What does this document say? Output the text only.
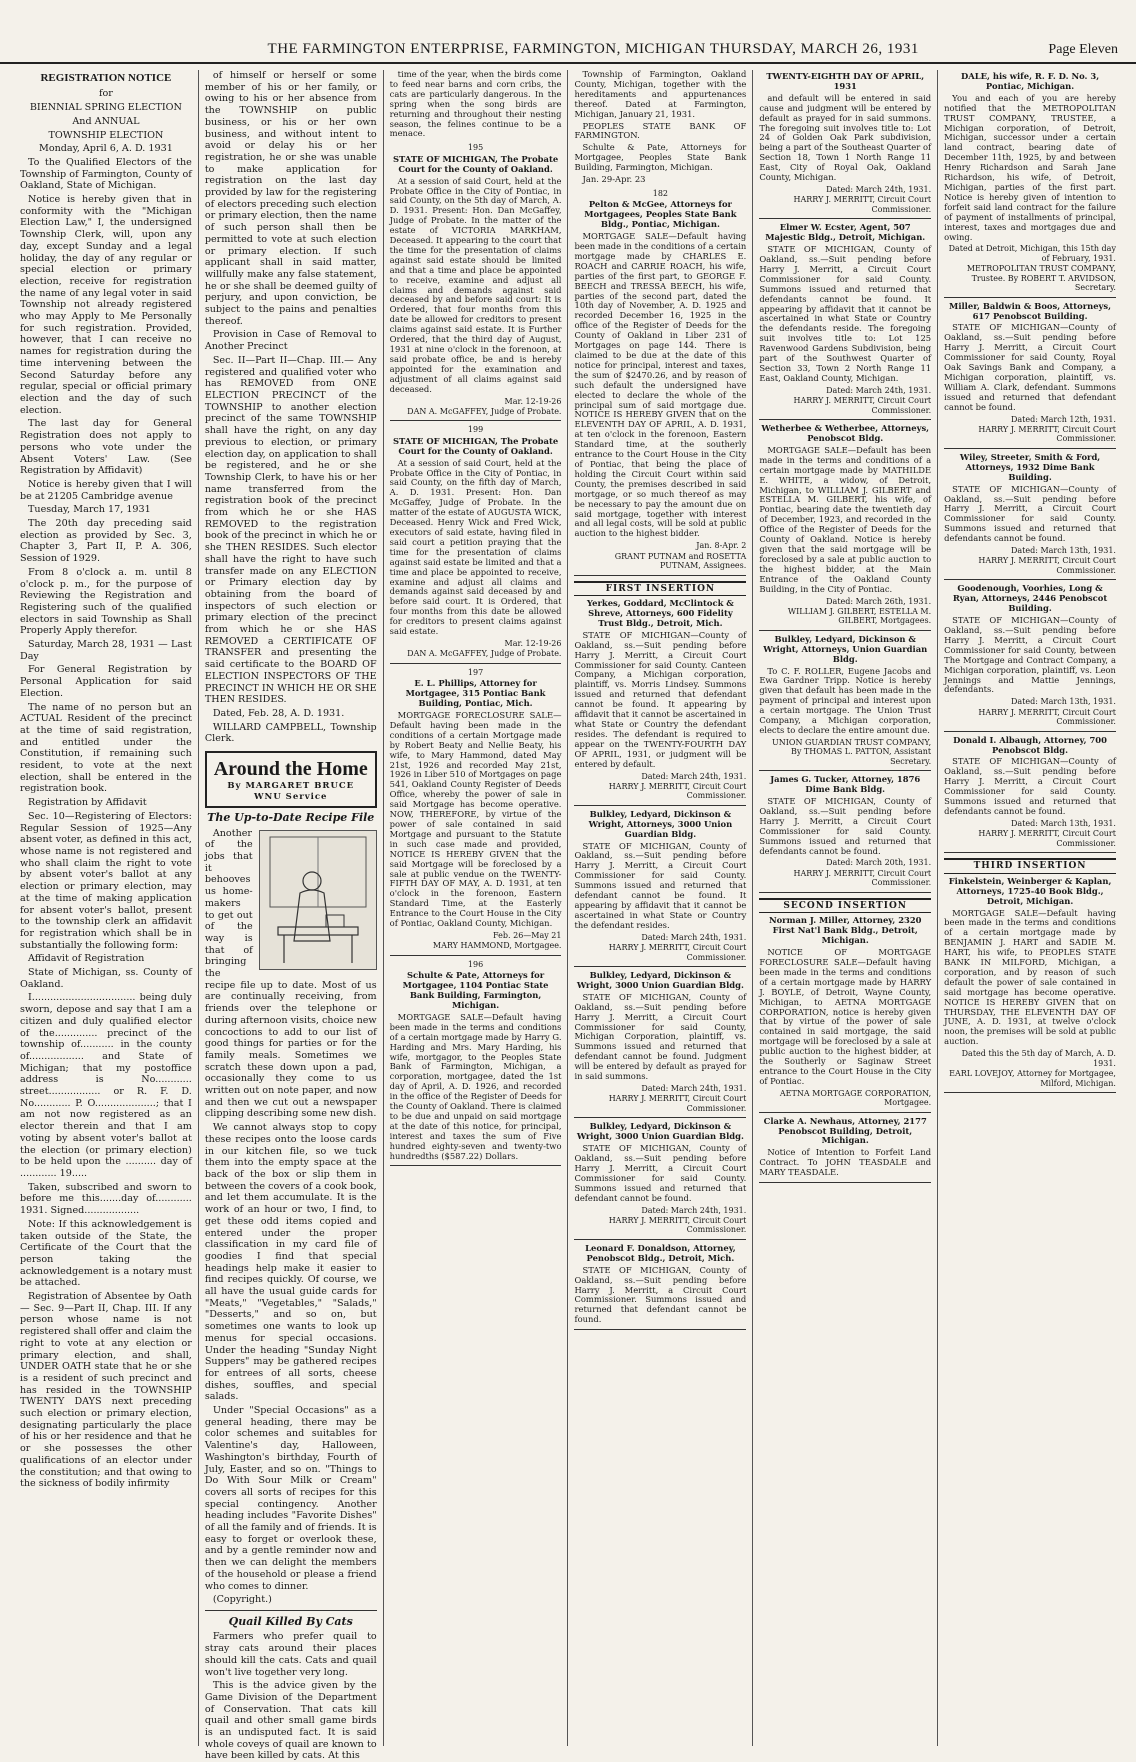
THE FARMINGTON ENTERPRISE, FARMINGTON, MICHIGAN THURSDAY, MARCH 26, 1931	Page Eleven
REGISTRATION NOTICE
for
BIENNIAL SPRING ELECTION
And ANNUAL
TOWNSHIP ELECTION
Monday, April 6, A. D. 1931

To the Qualified Electors of the Township of Farmington, County of Oakland, State of Michigan.

Notice is hereby given that in conformity with the "Michigan Election Law," I, the undersigned Township Clerk, will, upon any day, except Sunday and a legal holiday, the day of any regular or special election or primary election, receive for registration the name of any legal voter in said Township not already registered who may Apply to Me Personally for such registration. Provided, however, that I can receive no names for registration during the time intervening between the Second Saturday before any regular, special or official primary election and the day of such election.

The last day for General Registration does not apply to persons who vote under the Absent Voters' Law. (See Registration by Affidavit)

Notice is hereby given that I will be at 21205 Cambridge avenue

Tuesday, March 17, 1931

The 20th day preceding said election as provided by Sec. 3, Chapter 3, Part II, P. A. 306, Session of 1929.

From 8 o'clock a. m. until 8 o'clock p. m., for the purpose of Reviewing the Registration and Registering such of the qualified electors in said Township as Shall Properly Apply therefor.

Saturday, March 28, 1931 — Last Day

For General Registration by Personal Application for said Election.

The name of no person but an ACTUAL Resident of the precinct at the time of said registration, and entitled under the Constitution, if remaining such resident, to vote at the next election, shall be entered in the registration book.

Registration by Affidavit

Sec. 10—Registering of Electors: Regular Session of 1925—Any absent voter, as defined in this act, whose name is not registered and who shall claim the right to vote by absent voter's ballot at any election or primary election, may at the time of making application for absent voter's ballot, present to the township clerk an affidavit for registration which shall be in substantially the following form:

Affidavit of Registration

State of Michigan, ss. County of Oakland.

I.................................. being duly sworn, depose and say that I am a citizen and duly qualified elector of the.............. precinct of the township of........... in the county of.................. and State of Michigan; that my postoffice address is No............ street................. or R. F. D. No............ P. O....................; that I am not now registered as an elector therein and that I am voting by absent voter's ballot at the election (or primary election) to be held upon the .......... day of ............ 19.....

Taken, subscribed and sworn to before me this.......day of............ 1931. Signed..................

Note: If this acknowledgement is taken outside of the State, the Certificate of the Court that the person taking the acknowledgement is a notary must be attached.

Registration of Absentee by Oath — Sec. 9—Part II, Chap. III. If any person whose name is not registered shall offer and claim the right to vote at any election or primary election, and shall, UNDER OATH state that he or she is a resident of such precinct and has resided in the TOWNSHIP TWENTY DAYS next preceding such election or primary election, designating particularly the place of his or her residence and that he or she possesses the other qualifications of an elector under the constitution; and that owing to the sickness of bodily infirmity

of himself or herself or some member of his or her family, or owing to his or her absence from the TOWNSHIP on public business, or his or her own business, and without intent to avoid or delay his or her registration, he or she was unable to make application for registration on the last day provided by law for the registering of electors preceding such election or primary election, then the name of such person shall then be permitted to vote at such election or primary election. If such applicant shall in said matter, willfully make any false statement, he or she shall be deemed guilty of perjury, and upon conviction, be subject to the pains and penalties thereof.

Provision in Case of Removal to Another Precinct

Sec. II—Part II—Chap. III.— Any registered and qualified voter who has REMOVED from ONE ELECTION PRECINCT of the TOWNSHIP to another election precinct of the same TOWNSHIP shall have the right, on any day previous to election, or primary election day, on application to shall be registered, and he or she Township Clerk, to have his or her name transferred from the registration book of the precinct from which he or she HAS REMOVED to the registration book of the precinct in which he or she THEN RESIDES. Such elector shall have the right to have such transfer made on any ELECTION or Primary election day by obtaining from the board of inspectors of such election or primary election of the precinct from which he or she HAS REMOVED a CERTIFICATE OF TRANSFER and presenting the said certificate to the BOARD OF ELECTION INSPECTORS OF THE PRECINCT IN WHICH HE OR SHE THEN RESIDES.

Dated, Feb. 28, A. D. 1931.

WILLARD CAMPBELL, Township Clerk.

Around the Home
By MARGARET BRUCE
WNU Service
The Up-to-Date Recipe File

Another of the jobs that it behooves us home-makers to get out of the way is that of bringing the recipe file up to date. Most of us are continually receiving, from friends over the telephone or during afternoon visits, choice new concoctions to add to our list of good things for parties or for the family meals. Sometimes we scratch these down upon a pad, occasionally they come to us written out on note paper, and now and then we cut out a newspaper clipping describing some new dish.

We cannot always stop to copy these recipes onto the loose cards in our kitchen file, so we tuck them into the empty space at the back of the box or slip them in between the covers of a cook book, and let them accumulate. It is the work of an hour or two, I find, to get these odd items copied and entered under the proper classification in my card file of goodies I find that special headings help make it easier to find recipes quickly. Of course, we all have the usual guide cards for "Meats," "Vegetables," "Salads," "Desserts," and so on, but sometimes one wants to look up menus for special occasions. Under the heading "Sunday Night Suppers" may be gathered recipes for entrees of all sorts, cheese dishes, souffles, and special salads.

Under "Special Occasions" as a general heading, there may be color schemes and suitables for Valentine's day, Halloween, Washington's birthday, Fourth of July, Easter, and so on. "Things to Do With Sour Milk or Cream" covers all sorts of recipes for this special contingency. Another heading includes "Favorite Dishes" of all the family and of friends. It is easy to forget or overlook these, and by a gentle reminder now and then we can delight the members of the household or please a friend who comes to dinner.

(Copyright.)

Quail Killed By Cats

Farmers who prefer quail to stray cats around their places should kill the cats. Cats and quail won't live together very long.

This is the advice given by the Game Division of the Department of Conservation. That cats kill quail and other small game birds is an undisputed fact. It is said whole coveys of quail are known to have been killed by cats. At this

time of the year, when the birds come to feed near barns and corn cribs, the cats are particularly dangerous. In the spring when the song birds are returning and throughout their nesting season, the felines continue to be a menace.

195
STATE OF MICHIGAN, The Probate Court for the County of Oakland.

At a session of said Court, held at the Probate Office in the City of Pontiac, in said County, on the 5th day of March, A. D. 1931. Present: Hon. Dan McGaffey, Judge of Probate. In the matter of the estate of VICTORIA MARKHAM, Deceased. It appearing to the court that the time for the presentation of claims against said estate should be limited and that a time and place be appointed to receive, examine and adjust all claims and demands against said deceased by and before said court: It is Ordered, that four months from this date be allowed for creditors to present claims against said estate. It is Further Ordered, that the third day of August, 1931 at nine o'clock in the forenoon, at said probate office, be and is hereby appointed for the examination and adjustment of all claims against said deceased.

Mar. 12-19-26
DAN A. McGAFFEY, Judge of Probate.
199
STATE OF MICHIGAN, The Probate Court for the County of Oakland.

At a session of said Court, held at the Probate Office in the City of Pontiac, in said County, on the fifth day of March, A. D. 1931. Present: Hon. Dan McGaffey, Judge of Probate. In the matter of the estate of AUGUSTA WICK, Deceased. Henry Wick and Fred Wick, executors of said estate, having filed in said court a petition praying that the time for the presentation of claims against said estate be limited and that a time and place be appointed to receive, examine and adjust all claims and demands against said deceased by and before said court. It is Ordered, that four months from this date be allowed for creditors to present claims against said estate.

Mar. 12-19-26
DAN A. McGAFFEY, Judge of Probate.
197
E. L. Phillips, Attorney for Mortgagee, 315 Pontiac Bank Building, Pontiac, Mich.

MORTGAGE FORECLOSURE SALE—Default having been made in the conditions of a certain Mortgage made by Robert Beaty and Nellie Beaty, his wife, to Mary Hammond, dated May 21st, 1926 and recorded May 21st, 1926 in Liber 510 of Mortgages on page 541, Oakland County Register of Deeds Office, whereby the power of sale in said Mortgage has become operative. NOW, THEREFORE, by virtue of the power of sale contained in said Mortgage and pursuant to the Statute in such case made and provided, NOTICE IS HEREBY GIVEN that the said Mortgage will be foreclosed by a sale at public vendue on the TWENTY-FIFTH DAY OF MAY, A. D. 1931, at ten o'clock in the forenoon, Eastern Standard Time, at the Easterly Entrance to the Court House in the City of Pontiac, Oakland County, Michigan.

Feb. 26—May 21
MARY HAMMOND, Mortgagee.
196
Schulte & Pate, Attorneys for Mortgagee, 1104 Pontiac State Bank Building, Farmington, Michigan.

MORTGAGE SALE—Default having been made in the terms and conditions of a certain mortgage made by Harry G. Harding and Mrs. Mary Harding, his wife, mortgagor, to the Peoples State Bank of Farmington, Michigan, a corporation, mortgagee, dated the 1st day of April, A. D. 1926, and recorded in the office of the Register of Deeds for the County of Oakland. There is claimed to be due and unpaid on said mortgage at the date of this notice, for principal, interest and taxes the sum of Five hundred eighty-seven and twenty-two hundredths ($587.22) Dollars.

Township of Farmington, Oakland County, Michigan, together with the hereditaments and appurtenances thereof. Dated at Farmington, Michigan, January 21, 1931.

PEOPLES STATE BANK OF FARMINGTON.

Schulte & Pate, Attorneys for Mortgagee, Peoples State Bank Building, Farmington, Michigan.

Jan. 29-Apr. 23

182
Pelton & McGee, Attorneys for Mortgagees, Peoples State Bank Bldg., Pontiac, Michigan.

MORTGAGE SALE—Default having been made in the conditions of a certain mortgage made by CHARLES E. ROACH and CARRIE ROACH, his wife, parties of the first part, to GEORGE F. BEECH and TRESSA BEECH, his wife, parties of the second part, dated the 10th day of November, A. D. 1925 and recorded December 16, 1925 in the office of the Register of Deeds for the County of Oakland in Liber 231 of Mortgages on page 144. There is claimed to be due at the date of this notice for principal, interest and taxes, the sum of $2470.26, and by reason of such default the undersigned have elected to declare the whole of the principal sum of said mortgage due. NOTICE IS HEREBY GIVEN that on the ELEVENTH DAY OF APRIL, A. D. 1931, at ten o'clock in the forenoon, Eastern Standard time, at the southerly entrance to the Court House in the City of Pontiac, that being the place of holding the Circuit Court within said County, the premises described in said mortgage, or so much thereof as may be necessary to pay the amount due on said mortgage, together with interest and all legal costs, will be sold at public auction to the highest bidder.

Jan. 8-Apr. 2
GRANT PUTNAM and ROSETTA PUTNAM, Assignees.
FIRST INSERTION
Yerkes, Goddard, McClintock & Shreve, Attorneys, 600 Fidelity Trust Bldg., Detroit, Mich.

STATE OF MICHIGAN—County of Oakland, ss.—Suit pending before Harry J. Merritt, a Circuit Court Commissioner for said County. Canteen Company, a Michigan corporation, plaintiff, vs. Morris Lindsey. Summons issued and returned that defendant cannot be found. It appearing by affidavit that it cannot be ascertained in what State or Country the defendant resides. The defendant is required to appear on the TWENTY-FOURTH DAY OF APRIL, 1931, or judgment will be entered by default.

Dated: March 24th, 1931.
HARRY J. MERRITT, Circuit Court Commissioner.
Bulkley, Ledyard, Dickinson & Wright, Attorneys, 3000 Union Guardian Bldg.

STATE OF MICHIGAN, County of Oakland, ss.—Suit pending before Harry J. Merritt, a Circuit Court Commissioner for said County. Summons issued and returned that defendant cannot be found. It appearing by affidavit that it cannot be ascertained in what State or Country the defendant resides.

Dated: March 24th, 1931.
HARRY J. MERRITT, Circuit Court Commissioner.
Bulkley, Ledyard, Dickinson & Wright, 3000 Union Guardian Bldg.

STATE OF MICHIGAN, County of Oakland, ss.—Suit pending before Harry J. Merritt, a Circuit Court Commissioner for said County, Michigan Corporation, plaintiff, vs. Summons issued and returned that defendant cannot be found. Judgment will be entered by default as prayed for in said summons.

Dated: March 24th, 1931.
HARRY J. MERRITT, Circuit Court Commissioner.
Bulkley, Ledyard, Dickinson & Wright, 3000 Union Guardian Bldg.

STATE OF MICHIGAN, County of Oakland, ss.—Suit pending before Harry J. Merritt, a Circuit Court Commissioner for said County. Summons issued and returned that defendant cannot be found.

Dated: March 24th, 1931.
HARRY J. MERRITT, Circuit Court Commissioner.
Leonard F. Donaldson, Attorney, Penobscot Bldg., Detroit, Mich.

STATE OF MICHIGAN, County of Oakland, ss.—Suit pending before Harry J. Merritt, a Circuit Court Commissioner. Summons issued and returned that defendant cannot be found.

TWENTY-EIGHTH DAY OF APRIL, 1931

and default will be entered in said cause and judgment will be entered by default as prayed for in said summons. The foregoing suit involves title to: Lot 24 of Golden Oak Park subdivision, being a part of the Southeast Quarter of Section 18, Town 1 North Range 11 East, City of Royal Oak, Oakland County, Michigan.

Dated: March 24th, 1931.
HARRY J. MERRITT, Circuit Court Commissioner.
Elmer W. Ecster, Agent, 507 Majestic Bldg., Detroit, Michigan.

STATE OF MICHIGAN, County of Oakland, ss.—Suit pending before Harry J. Merritt, a Circuit Court Commissioner for said County. Summons issued and returned that defendants cannot be found. It appearing by affidavit that it cannot be ascertained in what State or Country the defendants reside. The foregoing suit involves title to: Lot 125 Ravenwood Gardens Subdivision, being part of the Southwest Quarter of Section 33, Town 2 North Range 11 East, Oakland County, Michigan.

Dated: March 24th, 1931.
HARRY J. MERRITT, Circuit Court Commissioner.
Wetherbee & Wetherbee, Attorneys, Penobscot Bldg.

MORTGAGE SALE—Default has been made in the terms and conditions of a certain mortgage made by MATHILDE E. WHITE, a widow, of Detroit, Michigan, to WILLIAM J. GILBERT and ESTELLA M. GILBERT, his wife, of Pontiac, bearing date the twentieth day of December, 1923, and recorded in the Office of the Register of Deeds for the County of Oakland. Notice is hereby given that the said mortgage will be foreclosed by a sale at public auction to the highest bidder, at the Main Entrance of the Oakland County Building, in the City of Pontiac.

Dated: March 26th, 1931.
WILLIAM J. GILBERT, ESTELLA M. GILBERT, Mortgagees.
Bulkley, Ledyard, Dickinson & Wright, Attorneys, Union Guardian Bldg.

To C. F. ROLLER, Eugene Jacobs and Ewa Gardner Tripp. Notice is hereby given that default has been made in the payment of principal and interest upon a certain mortgage. The Union Trust Company, a Michigan corporation, elects to declare the entire amount due.

UNION GUARDIAN TRUST COMPANY, By THOMAS L. PATTON, Assistant Secretary.
James G. Tucker, Attorney, 1876 Dime Bank Bldg.

STATE OF MICHIGAN, County of Oakland, ss.—Suit pending before Harry J. Merritt, a Circuit Court Commissioner for said County. Summons issued and returned that defendants cannot be found.

Dated: March 20th, 1931.
HARRY J. MERRITT, Circuit Court Commissioner.
SECOND INSERTION
Norman J. Miller, Attorney, 2320 First Nat'l Bank Bldg., Detroit, Michigan.

NOTICE OF MORTGAGE FORECLOSURE SALE—Default having been made in the terms and conditions of a certain mortgage made by HARRY J. BOYLE, of Detroit, Wayne County, Michigan, to AETNA MORTGAGE CORPORATION, notice is hereby given that by virtue of the power of sale contained in said mortgage, the said mortgage will be foreclosed by a sale at public auction to the highest bidder, at the Southerly or Saginaw Street entrance to the Court House in the City of Pontiac.

AETNA MORTGAGE CORPORATION, Mortgagee.
Clarke A. Newhaus, Attorney, 2177 Penobscot Building, Detroit, Michigan.

Notice of Intention to Forfeit Land Contract. To JOHN TEASDALE and MARY TEASDALE.

DALE, his wife, R. F. D. No. 3, Pontiac, Michigan.

You and each of you are hereby notified that the METROPOLITAN TRUST COMPANY, TRUSTEE, a Michigan corporation, of Detroit, Michigan, successor under a certain land contract, bearing date of December 11th, 1925, by and between Henry Richardson and Sarah Jane Richardson, his wife, of Detroit, Michigan, parties of the first part. Notice is hereby given of intention to forfeit said land contract for the failure of payment of installments of principal, interest, taxes and mortgages due and owing.

Dated at Detroit, Michigan, this 15th day of February, 1931.
METROPOLITAN TRUST COMPANY, Trustee. By ROBERT T. ARVIDSON, Secretary.
Miller, Baldwin & Boos, Attorneys, 617 Penobscot Building.

STATE OF MICHIGAN—County of Oakland, ss.—Suit pending before Harry J. Merritt, a Circuit Court Commissioner for said County, Royal Oak Savings Bank and Company, a Michigan corporation, plaintiff, vs. William A. Clark, defendant. Summons issued and returned that defendant cannot be found.

Dated: March 12th, 1931.
HARRY J. MERRITT, Circuit Court Commissioner.
Wiley, Streeter, Smith & Ford, Attorneys, 1932 Dime Bank Building.

STATE OF MICHIGAN—County of Oakland, ss.—Suit pending before Harry J. Merritt, a Circuit Court Commissioner for said County. Summons issued and returned that defendants cannot be found.

Dated: March 13th, 1931.
HARRY J. MERRITT, Circuit Court Commissioner.
Goodenough, Voorhies, Long & Ryan, Attorneys, 2446 Penobscot Building.

STATE OF MICHIGAN—County of Oakland, ss.—Suit pending before Harry J. Merritt, a Circuit Court Commissioner for said County, between The Mortgage and Contract Company, a Michigan corporation, plaintiff, vs. Leon Jennings and Mattie Jennings, defendants.

Dated: March 13th, 1931.
HARRY J. MERRITT, Circuit Court Commissioner.
Donald I. Albaugh, Attorney, 700 Penobscot Bldg.

STATE OF MICHIGAN—County of Oakland, ss.—Suit pending before Harry J. Merritt, a Circuit Court Commissioner for said County. Summons issued and returned that defendants cannot be found.

Dated: March 13th, 1931.
HARRY J. MERRITT, Circuit Court Commissioner.
THIRD INSERTION
Finkelstein, Weinberger & Kaplan, Attorneys, 1725-40 Book Bldg., Detroit, Michigan.

MORTGAGE SALE—Default having been made in the terms and conditions of a certain mortgage made by BENJAMIN J. HART and SADIE M. HART, his wife, to PEOPLES STATE BANK IN MILFORD, Michigan, a corporation, and by reason of such default the power of sale contained in said mortgage has become operative. NOTICE IS HEREBY GIVEN that on THURSDAY, THE ELEVENTH DAY OF JUNE, A. D. 1931, at twelve o'clock noon, the premises will be sold at public auction.

Dated this the 5th day of March, A. D. 1931.
EARL LOVEJOY, Attorney for Mortgagee, Milford, Michigan.
